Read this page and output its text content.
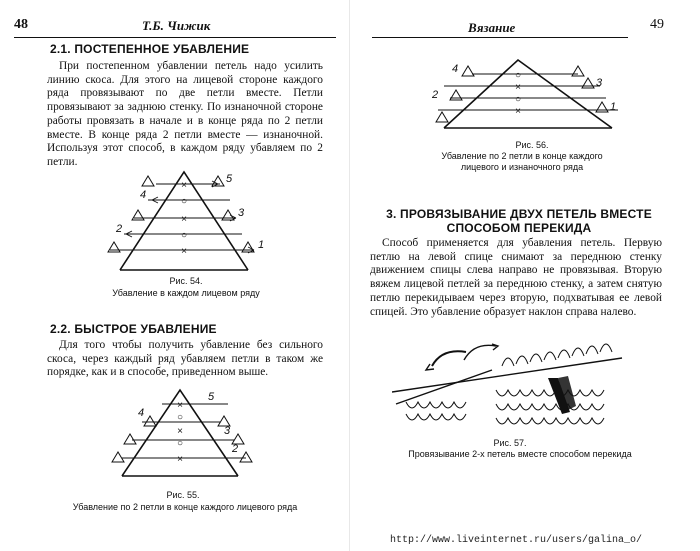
48	Т.Б. Чижик
2.1. ПОСТЕПЕННОЕ УБАВЛЕНИЕ
При постепенном убавлении петель надо усилить линию скоса. Для этого на лицевой стороне каждого ряда провязывают по две петли вместе. Петли провязывают за заднюю стенку. По изнаночной стороне работы провязать в начале и в конце ряда по 2 петли вместе. В конце ряда 2 петли вместе — изнаночной. Используя этот способ, в каждом ряду убавляем по 2 петли.
×
○
×
○
×
5
4
3
2
1
Рис. 54.
Убавление в каждом лицевом ряду
2.2. БЫСТРОЕ УБАВЛЕНИЕ
Для того чтобы получить убавление без сильного скоса, через каждый ряд убавляем петли в таком же порядке, как и в способе, приведенном выше.
×
○
×
○
×
5
4
3
2
Рис. 55.
Убавление по 2 петли в конце каждого лицевого ряда
Вязание	49
○
×
○
×
4
3
2
1
Рис. 56.
Убавление по 2 петли в конце каждого лицевого и изнаночного ряда
3. ПРОВЯЗЫВАНИЕ ДВУХ ПЕТЕЛЬ ВМЕСТЕ СПОСОБОМ ПЕРЕКИДА
Способ применяется для убавления петель. Первую петлю на левой спице снимают за переднюю стенку движением спицы слева направо не провязывая. Вторую вяжем лицевой петлей за переднюю стенку, а затем снятую петлю перекидываем через вторую, подхватывая ее левой спицей. Это убавление образует наклон справа налево.
Рис. 57.
Провязывание 2-х петель вместе способом перекида
http://www.liveinternet.ru/users/galina_o/
